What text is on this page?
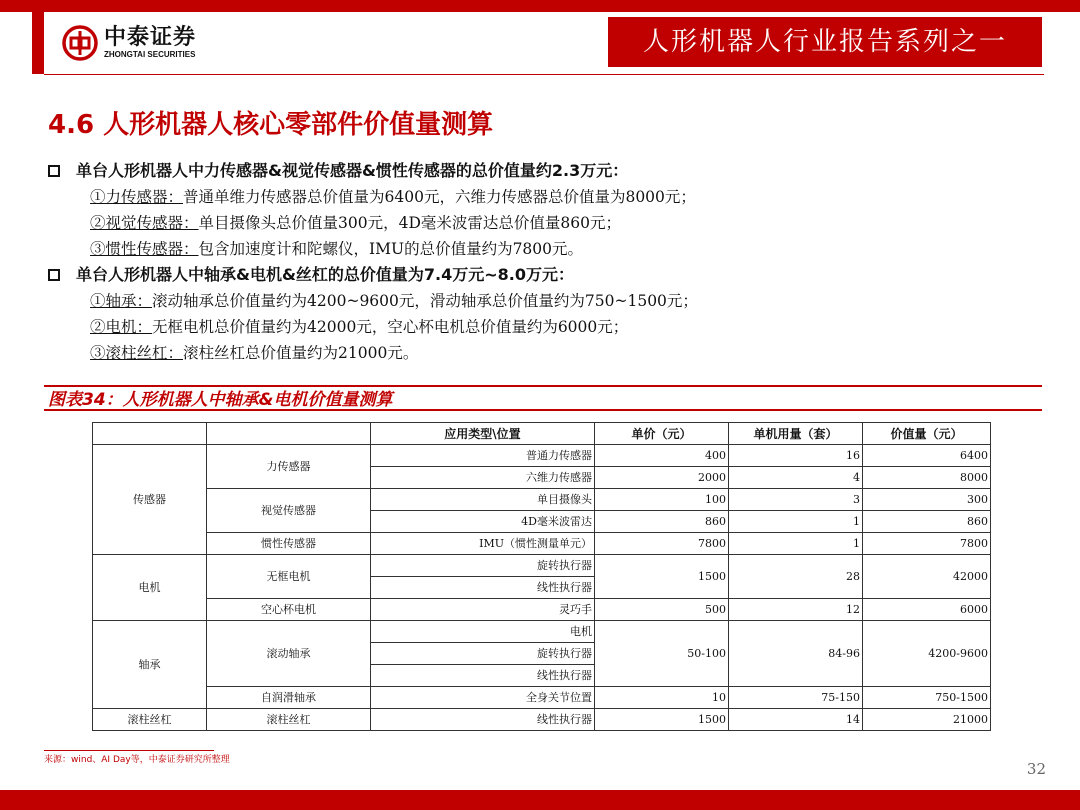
中泰证券
ZHONGTAI SECURITIES	人形机器人行业报告系列之一
4.6 人形机器人核心零部件价值量测算
单台人形机器人中力传感器&视觉传感器&惯性传感器的总价值量约2.3万元：
①力传感器： 普通单维力传感器总价值量为6400元，六维力传感器总价值量为8000元；
②视觉传感器： 单目摄像头总价值量300元，4D毫米波雷达总价值量860元；
③惯性传感器： 包含加速度计和陀螺仪，IMU的总价值量约为7800元。
单台人形机器人中轴承&电机&丝杠的总价值量为7.4万元~8.0万元：
①轴承： 滚动轴承总价值量约为4200~9600元，滑动轴承总价值量约为750~1500元；
②电机： 无框电机总价值量约为42000元，空心杯电机总价值量约为6000元；
③滚柱丝杠： 滚柱丝杠总价值量约为21000元。
图表34：人形机器人中轴承&电机价值量测算
		应用类型\位置	单价（元）	单机用量（套）	价值量（元）
传感器	力传感器	普通力传感器	400	16	6400
		六维力传感器	2000	4	8000
	视觉传感器	单目摄像头	100	3	300
		4D毫米波雷达	860	1	860
	惯性传感器	IMU（惯性测量单元）	7800	1	7800
电机	无框电机	旋转执行器	1500	28	42000
		线性执行器			
	空心杯电机	灵巧手	500	12	6000
轴承	滚动轴承	电机	50-100	84-96	4200-9600
		旋转执行器			
		线性执行器			
	自润滑轴承	全身关节位置	10	75-150	750-1500
滚柱丝杠	滚柱丝杠	线性执行器	1500	14	21000
来源：wind、AI Day等，中泰证券研究所整理	32
